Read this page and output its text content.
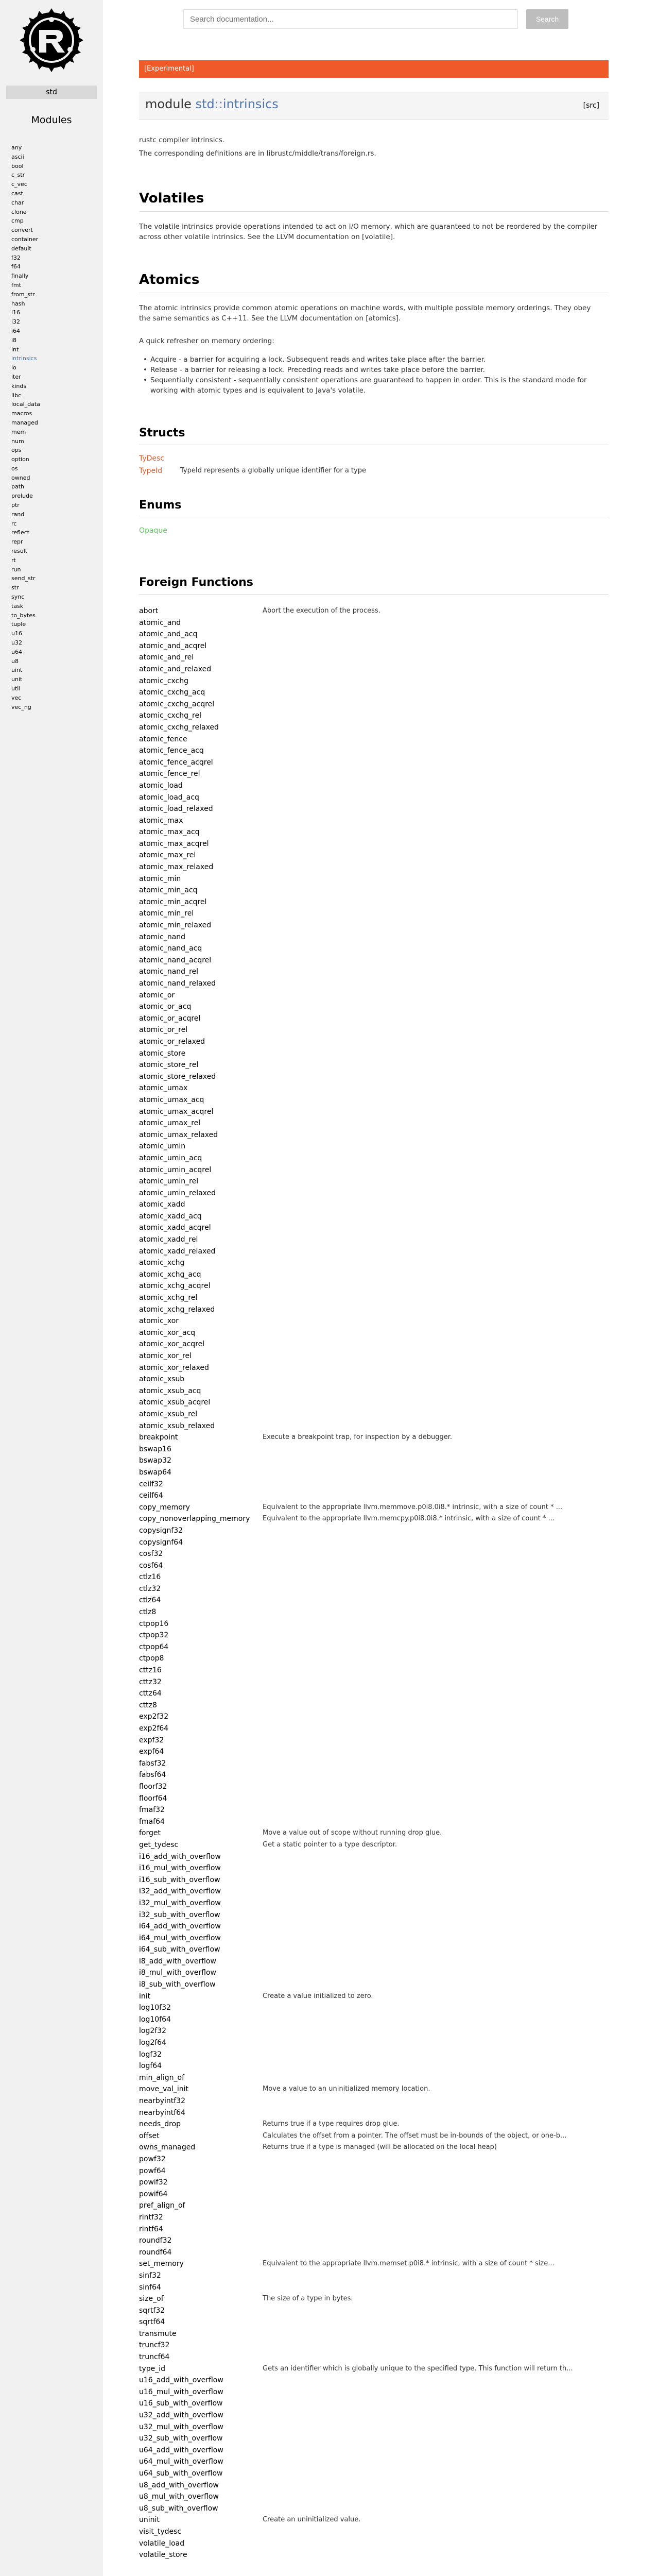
std
Modules
any
ascii
bool
c_str
c_vec
cast
char
clone
cmp
convert
container
default
f32
f64
finally
fmt
from_str
hash
i16
i32
i64
i8
int
intrinsics
io
iter
kinds
libc
local_data
macros
managed
mem
num
ops
option
os
owned
path
prelude
ptr
rand
rc
reflect
repr
result
rt
run
send_str
str
sync
task
to_bytes
tuple
u16
u32
u64
u8
uint
unit
util
vec
vec_ng
Search documentation...
Search
[Experimental]
module std::intrinsics	[src]

rustc compiler intrinsics.

The corresponding definitions are in librustc/middle/trans/foreign.rs.

Volatiles

The volatile intrinsics provide operations intended to act on I/O memory, which are guaranteed to not be reordered by the compiler across other volatile intrinsics. See the LLVM documentation on [volatile].

Atomics

The atomic intrinsics provide common atomic operations on machine words, with multiple possible memory orderings. They obey the same semantics as C++11. See the LLVM documentation on [atomics].

A quick refresher on memory ordering:

• Acquire - a barrier for acquiring a lock. Subsequent reads and writes take place after the barrier.
• Release - a barrier for releasing a lock. Preceding reads and writes take place before the barrier.
• Sequentially consistent - sequentially consistent operations are guaranteed to happen in order. This is the standard mode for working with atomic types and is equivalent to Java's volatile.
Structs
TyDesc
TypeId	TypeId represents a globally unique identifier for a type
Enums
Opaque
Foreign Functions
abort	Abort the execution of the process.
atomic_and
atomic_and_acq
atomic_and_acqrel
atomic_and_rel
atomic_and_relaxed
atomic_cxchg
atomic_cxchg_acq
atomic_cxchg_acqrel
atomic_cxchg_rel
atomic_cxchg_relaxed
atomic_fence
atomic_fence_acq
atomic_fence_acqrel
atomic_fence_rel
atomic_load
atomic_load_acq
atomic_load_relaxed
atomic_max
atomic_max_acq
atomic_max_acqrel
atomic_max_rel
atomic_max_relaxed
atomic_min
atomic_min_acq
atomic_min_acqrel
atomic_min_rel
atomic_min_relaxed
atomic_nand
atomic_nand_acq
atomic_nand_acqrel
atomic_nand_rel
atomic_nand_relaxed
atomic_or
atomic_or_acq
atomic_or_acqrel
atomic_or_rel
atomic_or_relaxed
atomic_store
atomic_store_rel
atomic_store_relaxed
atomic_umax
atomic_umax_acq
atomic_umax_acqrel
atomic_umax_rel
atomic_umax_relaxed
atomic_umin
atomic_umin_acq
atomic_umin_acqrel
atomic_umin_rel
atomic_umin_relaxed
atomic_xadd
atomic_xadd_acq
atomic_xadd_acqrel
atomic_xadd_rel
atomic_xadd_relaxed
atomic_xchg
atomic_xchg_acq
atomic_xchg_acqrel
atomic_xchg_rel
atomic_xchg_relaxed
atomic_xor
atomic_xor_acq
atomic_xor_acqrel
atomic_xor_rel
atomic_xor_relaxed
atomic_xsub
atomic_xsub_acq
atomic_xsub_acqrel
atomic_xsub_rel
atomic_xsub_relaxed
breakpoint	Execute a breakpoint trap, for inspection by a debugger.
bswap16
bswap32
bswap64
ceilf32
ceilf64
copy_memory	Equivalent to the appropriate llvm.memmove.p0i8.0i8.* intrinsic, with a size of count * ...
copy_nonoverlapping_memory Equivalent to the appropriate llvm.memcpy.p0i8.0i8.* intrinsic, with a size of count * ...
copysignf32
copysignf64
cosf32
cosf64
ctlz16
ctlz32
ctlz64
ctlz8
ctpop16
ctpop32
ctpop64
ctpop8
cttz16
cttz32
cttz64
cttz8
exp2f32
exp2f64
expf32
expf64
fabsf32
fabsf64
floorf32
floorf64
fmaf32
fmaf64
forget	Move a value out of scope without running drop glue.
get_tydesc	Get a static pointer to a type descriptor.
i16_add_with_overflow
i16_mul_with_overflow
i16_sub_with_overflow
i32_add_with_overflow
i32_mul_with_overflow
i32_sub_with_overflow
i64_add_with_overflow
i64_mul_with_overflow
i64_sub_with_overflow
i8_add_with_overflow
i8_mul_with_overflow
i8_sub_with_overflow
init	Create a value initialized to zero.
log10f32
log10f64
log2f32
log2f64
logf32
logf64
min_align_of
move_val_init	Move a value to an uninitialized memory location.
nearbyintf32
nearbyintf64
needs_drop	Returns true if a type requires drop glue.
offset	Calculates the offset from a pointer. The offset must be in-bounds of the object, or one-b...
owns_managed	Returns true if a type is managed (will be allocated on the local heap)
powf32
powf64
powif32
powif64
pref_align_of
rintf32
rintf64
roundf32
roundf64
set_memory	Equivalent to the appropriate llvm.memset.p0i8.* intrinsic, with a size of count * size...
sinf32
sinf64
size_of	The size of a type in bytes.
sqrtf32
sqrtf64
transmute
truncf32
truncf64
type_id	Gets an identifier which is globally unique to the specified type. This function will return th...
u16_add_with_overflow
u16_mul_with_overflow
u16_sub_with_overflow
u32_add_with_overflow
u32_mul_with_overflow
u32_sub_with_overflow
u64_add_with_overflow
u64_mul_with_overflow
u64_sub_with_overflow
u8_add_with_overflow
u8_mul_with_overflow
u8_sub_with_overflow
uninit	Create an uninitialized value.
visit_tydesc
volatile_load
volatile_store
